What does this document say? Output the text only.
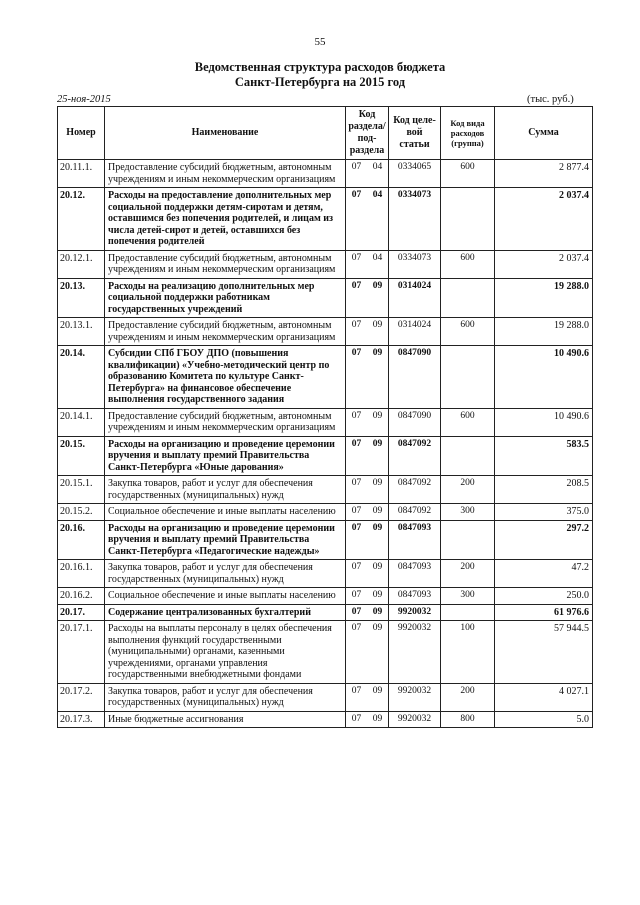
55
Ведомственная структура расходов бюджета
Санкт-Петербурга на 2015 год
25-ноя-2015	(тыс. руб.)
Номер	Наименование	Код раздела/ под- раздела	Код целе- вой статьи	Код вида расходов (группа)	Сумма
20.11.1.	Предоставление субсидий бюджетным, автономным учреждениям и иным некоммерческим организациям	07 04	0334065	600	2 877.4
20.12.	Расходы на предоставление дополнительных мер социальной поддержки детям-сиротам и детям, оставшимся без попечения родителей, и лицам из числа детей-сирот и детей, оставшихся без попечения родителей	07 04	0334073		2 037.4
20.12.1.	Предоставление субсидий бюджетным, автономным учреждениям и иным некоммерческим организациям	07 04	0334073	600	2 037.4
20.13.	Расходы на реализацию дополнительных мер социальной поддержки работникам государственных учреждений	07 09	0314024		19 288.0
20.13.1.	Предоставление субсидий бюджетным, автономным учреждениям и иным некоммерческим организациям	07 09	0314024	600	19 288.0
20.14.	Субсидии СПб ГБОУ ДПО (повышения квалификации) «Учебно-методический центр по образованию Комитета по культуре Санкт-Петербурга» на финансовое обеспечение выполнения государственного задания	07 09	0847090		10 490.6
20.14.1.	Предоставление субсидий бюджетным, автономным учреждениям и иным некоммерческим организациям	07 09	0847090	600	10 490.6
20.15.	Расходы на организацию и проведение церемонии вручения и выплату премий Правительства Санкт-Петербурга «Юные дарования»	07 09	0847092		583.5
20.15.1.	Закупка товаров, работ и услуг для обеспечения государственных (муниципальных) нужд	07 09	0847092	200	208.5
20.15.2.	Социальное обеспечение и иные выплаты населению	07 09	0847092	300	375.0
20.16.	Расходы на организацию и проведение церемонии вручения и выплату премий Правительства Санкт-Петербурга «Педагогические надежды»	07 09	0847093		297.2
20.16.1.	Закупка товаров, работ и услуг для обеспечения государственных (муниципальных) нужд	07 09	0847093	200	47.2
20.16.2.	Социальное обеспечение и иные выплаты населению	07 09	0847093	300	250.0
20.17.	Содержание централизованных бухгалтерий	07 09	9920032		61 976.6
20.17.1.	Расходы на выплаты персоналу в целях обеспечения выполнения функций государственными (муниципальными) органами, казенными учреждениями, органами управления государственными внебюджетными фондами	07 09	9920032	100	57 944.5
20.17.2.	Закупка товаров, работ и услуг для обеспечения государственных (муниципальных) нужд	07 09	9920032	200	4 027.1
20.17.3.	Иные бюджетные ассигнования	07 09	9920032	800	5.0
